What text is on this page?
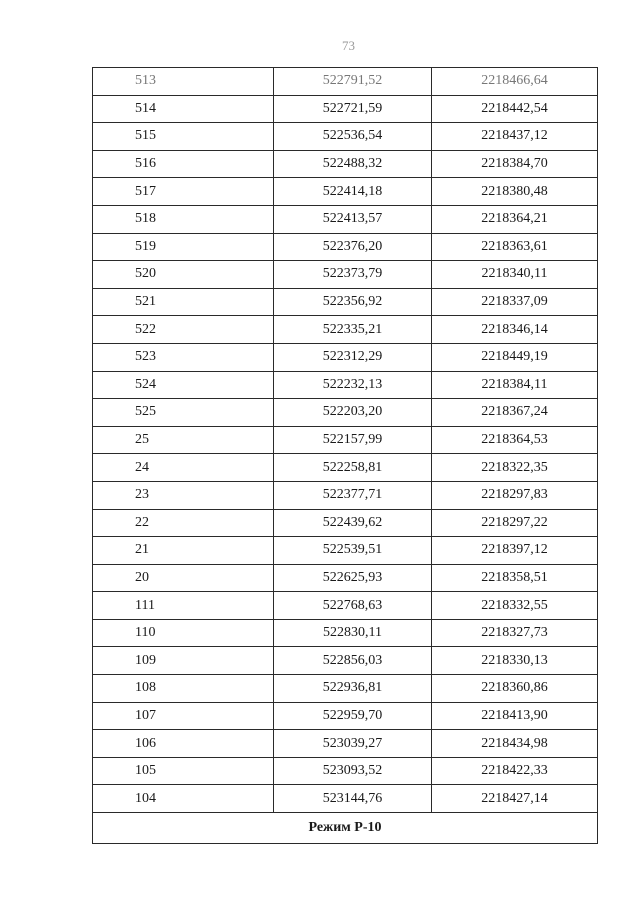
73
513	522791,52	2218466,64
514	522721,59	2218442,54
515	522536,54	2218437,12
516	522488,32	2218384,70
517	522414,18	2218380,48
518	522413,57	2218364,21
519	522376,20	2218363,61
520	522373,79	2218340,11
521	522356,92	2218337,09
522	522335,21	2218346,14
523	522312,29	2218449,19
524	522232,13	2218384,11
525	522203,20	2218367,24
25	522157,99	2218364,53
24	522258,81	2218322,35
23	522377,71	2218297,83
22	522439,62	2218297,22
21	522539,51	2218397,12
20	522625,93	2218358,51
111	522768,63	2218332,55
110	522830,11	2218327,73
109	522856,03	2218330,13
108	522936,81	2218360,86
107	522959,70	2218413,90
106	523039,27	2218434,98
105	523093,52	2218422,33
104	523144,76	2218427,14
Режим Р-10		
